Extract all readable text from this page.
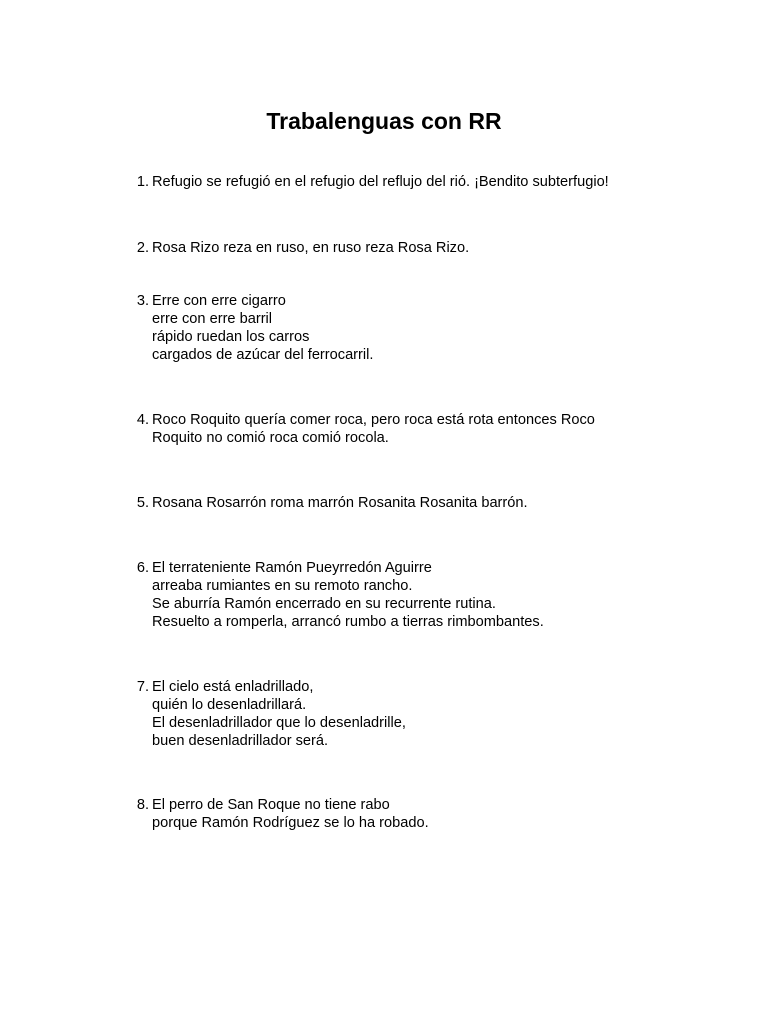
Trabalenguas con RR
1. Refugio se refugió en el refugio del reflujo del rió. ¡Bendito subterfugio!
2. Rosa Rizo reza en ruso, en ruso reza Rosa Rizo.
3. Erre con erre cigarro
erre con erre barril
rápido ruedan los carros
cargados de azúcar del ferrocarril.
4. Roco Roquito quería comer roca, pero roca está rota entonces Roco
Roquito no comió roca comió rocola.
5. Rosana Rosarrón roma marrón Rosanita Rosanita barrón.
6. El terrateniente Ramón Pueyrredón Aguirre
arreaba rumiantes en su remoto rancho.
Se aburría Ramón encerrado en su recurrente rutina.
Resuelto a romperla, arrancó rumbo a tierras rimbombantes.
7. El cielo está enladrillado,
quién lo desenladrillará.
El desenladrillador que lo desenladrille,
buen desenladrillador será.
8. El perro de San Roque no tiene rabo
porque Ramón Rodríguez se lo ha robado.
